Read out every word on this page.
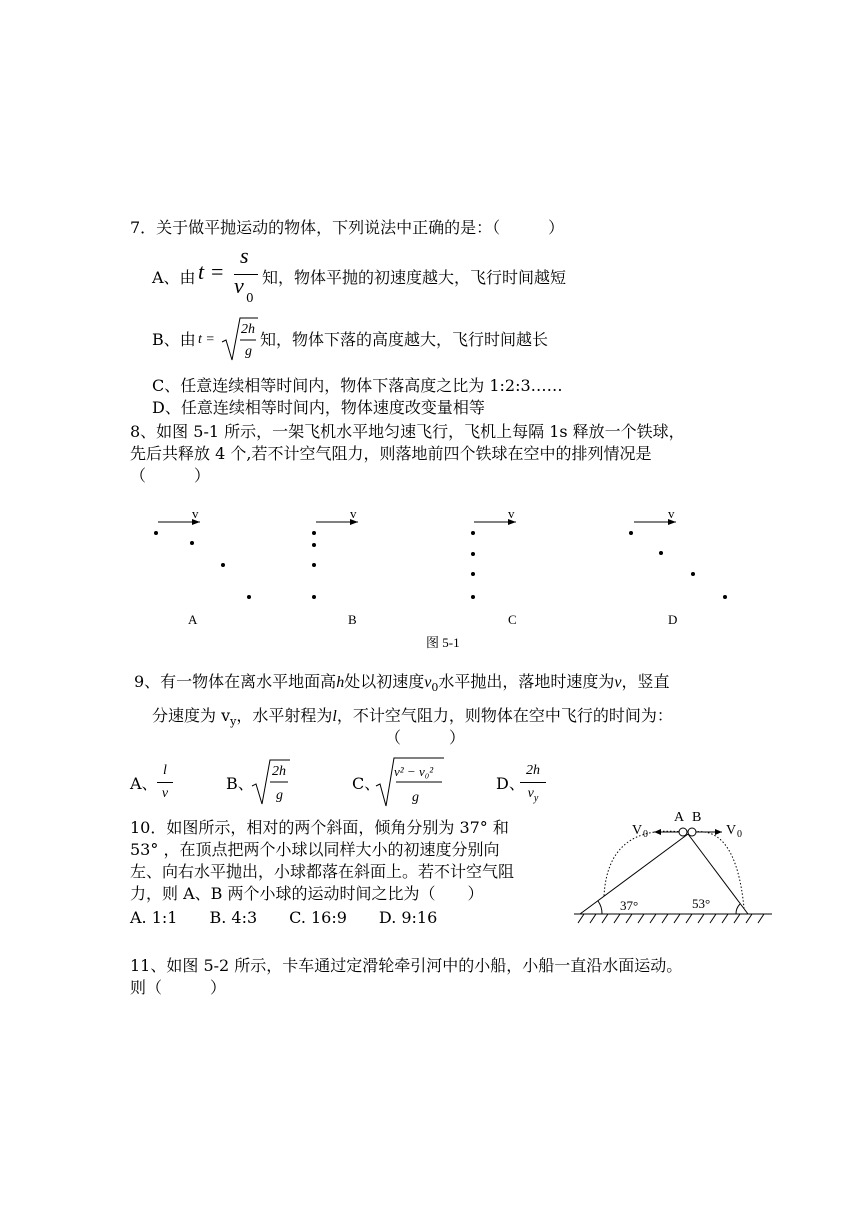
7．关于做平抛运动的物体，下列说法中正确的是：（　　　）
A、由 t =
s
v 0
知，物体平抛的初速度越大，飞行时间越短
B、由 t =
2h
g
知，物体下落的高度越大，飞行时间越长
C、任意连续相等时间内，物体下落高度之比为 1:2:3……
D、任意连续相等时间内，物体速度改变量相等
8、如图 5-1 所示，一架飞机水平地匀速飞行，飞机上每隔 1s 释放一个铁球，
先后共释放 4 个,若不计空气阻力，则落地前四个铁球在空中的排列情况是
（　　　）
v
A
v
B
v
C
v
D
图 5-1
9、有一物体在离水平地面高h处以初速度$v_0$水平抛出，落地时速度为v，竖直
分速度为 $v_y$，水平射程为l，不计空气阻力，则物体在空中飞行的时间为：
（　　　）
A、
l
v
B、
2h
g
C、
v² − v₀²
g
D、
2h
$v_y$
10．如图所示，相对的两个斜面，倾角分别为 37° 和
53° ，在顶点把两个小球以同样大小的初速度分别向
左、向右水平抛出，小球都落在斜面上。若不计空气阻
力，则 A、B 两个小球的运动时间之比为（　　）
A. 1:1　　B. 4:3　　C. 16:9　　D. 9:16
A B
V 0	V 0
37°	53°
11、如图 5-2 所示，卡车通过定滑轮牵引河中的小船，小船一直沿水面运动。
则（　　　）
